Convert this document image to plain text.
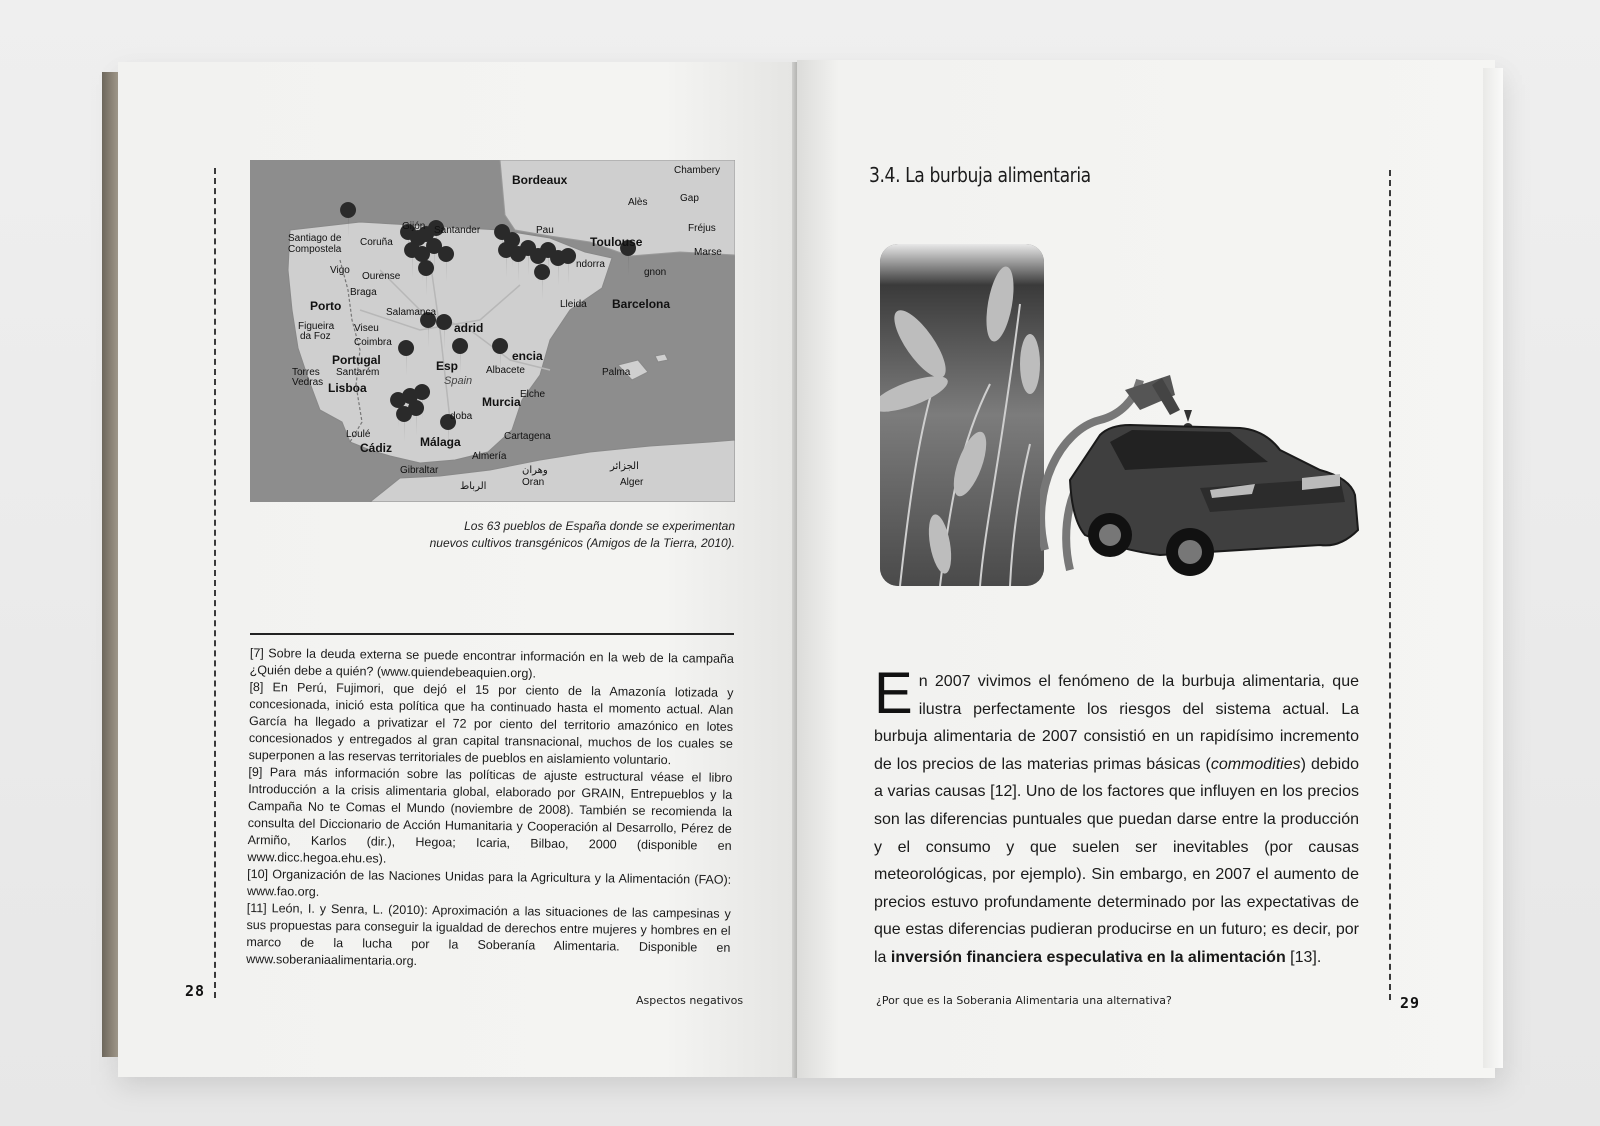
Bordeaux
Chambery
Alès	Gap
Fréjus
Marse
Santiago de
Compostela
Coruña
Gijón Santander	Pau
Toulouse
ndorra
gnon
Vigo
Ourense
Braga
Porto	Salamanca
adrid
Lleida Barcelona
Figueira
da Foz
Viseu
Coimbra
Portugal	Esp
Spain
encia
Albacete	Palma
Torres
Vedras
Santarém
Lisboa
Murcia
Elche
Loulé
Cádiz Málaga
doba
Cartagena
Almería
Gibraltar	وهران
Oran
الجزائر
Alger
الرباط
Los 63 pueblos de España donde se experimentan
nuevos cultivos transgénicos (Amigos de la Tierra, 2010).

[7] Sobre la deuda externa se puede encontrar información en la web de la campaña ¿Quién debe a quién? (www.quiendebeaquien.org).

[8] En Perú, Fujimori, que dejó el 15 por ciento de la Amazonía lotizada y concesionada, inició esta política que ha continuado hasta el momento actual. Alan García ha llegado a privatizar el 72 por ciento del territorio amazónico en lotes concesionados y entregados al gran capital transnacional, muchos de los cuales se superponen a las reservas territoriales de pueblos en aislamiento voluntario.

[9] Para más información sobre las políticas de ajuste estructural véase el libro Introducción a la crisis alimentaria global, elaborado por GRAIN, Entrepueblos y la Campaña No te Comas el Mundo (noviembre de 2008). También se recomienda la consulta del Diccionario de Acción Humanitaria y Cooperación al Desarrollo, Pérez de Armiño, Karlos (dir.), Hegoa; Icaria, Bilbao, 2000 (disponible en www.dicc.hegoa.ehu.es).

[10] Organización de las Naciones Unidas para la Agricultura y la Alimentación (FAO): www.fao.org.

[11] León, I. y Senra, L. (2010): Aproximación a las situaciones de las campesinas y sus propuestas para conseguir la igualdad de derechos entre mujeres y hombres en el marco de la lucha por la Soberanía Alimentaria. Disponible en www.soberaniaalimentaria.org.

28
Aspectos negativos
3.4. La burbuja alimentaria

En 2007 vivimos el fenómeno de la burbuja alimentaria, que ilustra perfectamente los riesgos del sistema actual. La burbuja alimentaria de 2007 consistió en un rapidísimo incremento de los precios de las materias primas básicas (commodities) debido a varias causas [12]. Uno de los factores que influyen en los precios son las diferencias puntuales que puedan darse entre la producción y el consumo y que suelen ser inevitables (por causas meteorológicas, por ejemplo). Sin embargo, en 2007 el aumento de precios estuvo profundamente determinado por las expectativas de que estas diferencias pudieran producirse en un futuro; es decir, por la inversión financiera especulativa en la alimentación [13].

¿Por que es la Soberania Alimentaria una alternativa?	29
